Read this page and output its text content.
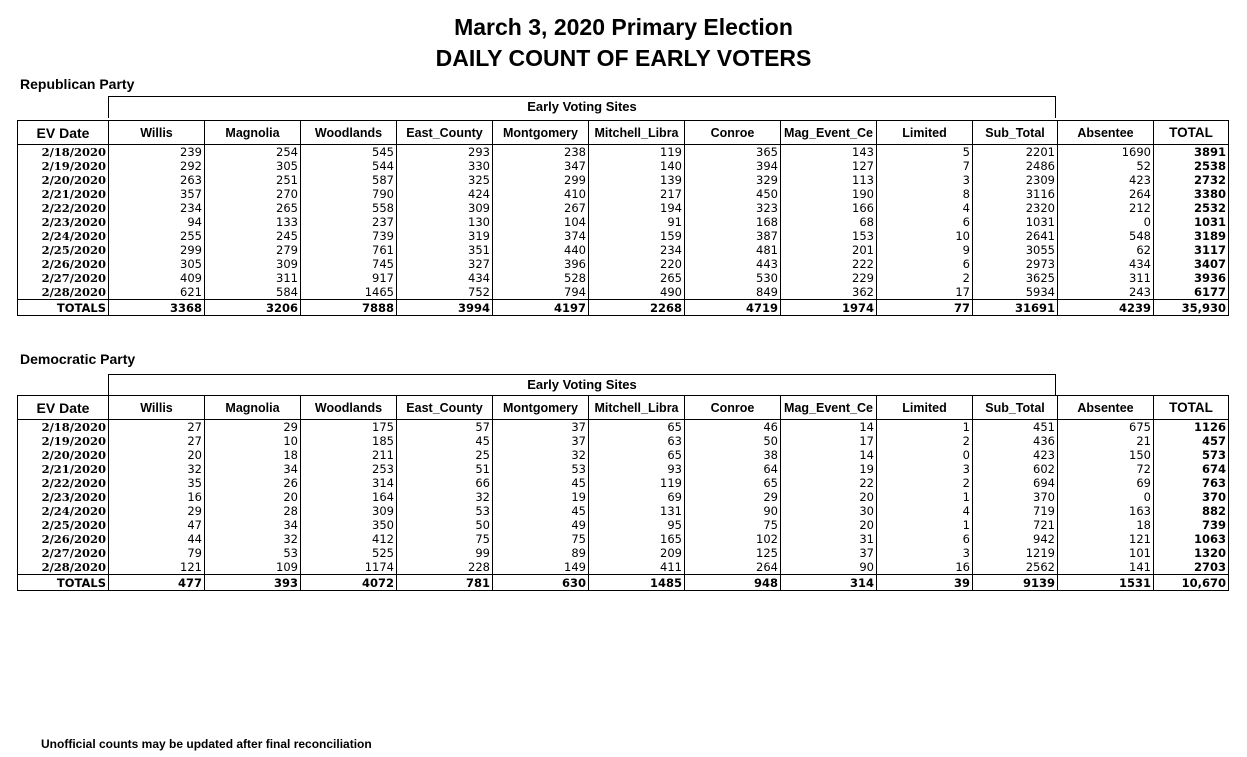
March 3, 2020 Primary Election
DAILY COUNT OF EARLY VOTERS
Republican Party
Early Voting Sites
EV Date	Willis	Magnolia	Woodlands	East_County	Montgomery	Mitchell_Libra	Conroe	Mag_Event_Ce	Limited	Sub_Total	Absentee	TOTAL
2/18/2020	239	254	545	293	238	119	365	143	5	2201	1690	3891
2/19/2020	292	305	544	330	347	140	394	127	7	2486	52	2538
2/20/2020	263	251	587	325	299	139	329	113	3	2309	423	2732
2/21/2020	357	270	790	424	410	217	450	190	8	3116	264	3380
2/22/2020	234	265	558	309	267	194	323	166	4	2320	212	2532
2/23/2020	94	133	237	130	104	91	168	68	6	1031	0	1031
2/24/2020	255	245	739	319	374	159	387	153	10	2641	548	3189
2/25/2020	299	279	761	351	440	234	481	201	9	3055	62	3117
2/26/2020	305	309	745	327	396	220	443	222	6	2973	434	3407
2/27/2020	409	311	917	434	528	265	530	229	2	3625	311	3936
2/28/2020	621	584	1465	752	794	490	849	362	17	5934	243	6177
TOTALS	3368	3206	7888	3994	4197	2268	4719	1974	77	31691	4239	35,930
Democratic Party
Early Voting Sites
EV Date	Willis	Magnolia	Woodlands	East_County	Montgomery	Mitchell_Libra	Conroe	Mag_Event_Ce	Limited	Sub_Total	Absentee	TOTAL
2/18/2020	27	29	175	57	37	65	46	14	1	451	675	1126
2/19/2020	27	10	185	45	37	63	50	17	2	436	21	457
2/20/2020	20	18	211	25	32	65	38	14	0	423	150	573
2/21/2020	32	34	253	51	53	93	64	19	3	602	72	674
2/22/2020	35	26	314	66	45	119	65	22	2	694	69	763
2/23/2020	16	20	164	32	19	69	29	20	1	370	0	370
2/24/2020	29	28	309	53	45	131	90	30	4	719	163	882
2/25/2020	47	34	350	50	49	95	75	20	1	721	18	739
2/26/2020	44	32	412	75	75	165	102	31	6	942	121	1063
2/27/2020	79	53	525	99	89	209	125	37	3	1219	101	1320
2/28/2020	121	109	1174	228	149	411	264	90	16	2562	141	2703
TOTALS	477	393	4072	781	630	1485	948	314	39	9139	1531	10,670
Unofficial counts may be updated after final reconciliation
